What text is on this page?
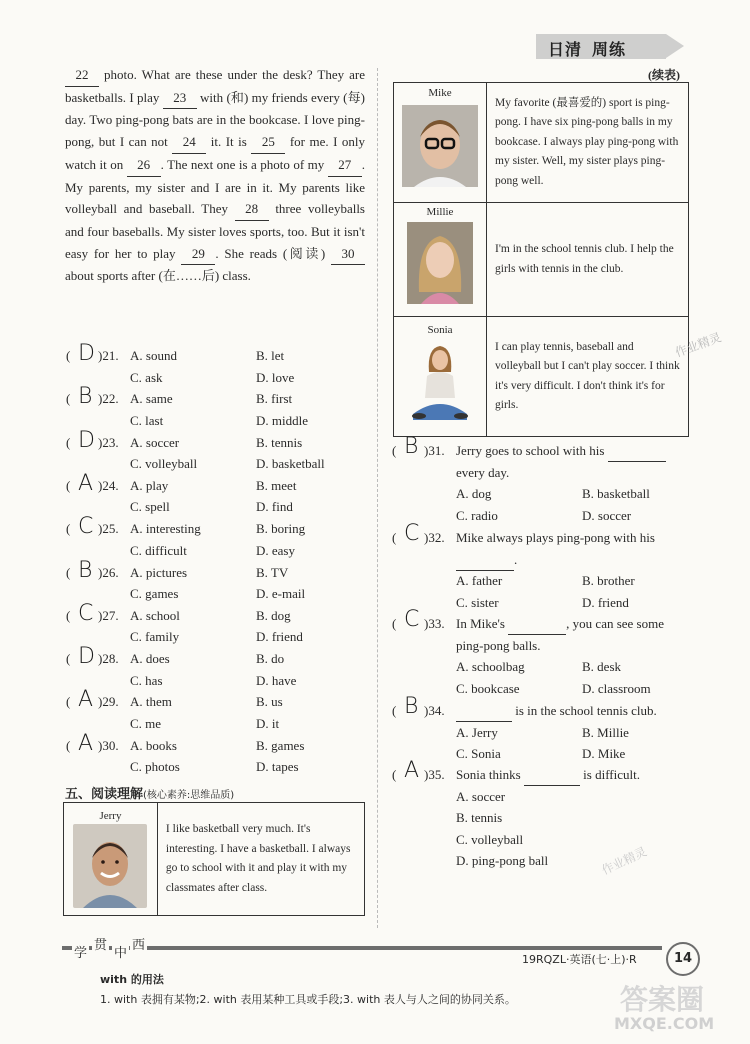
日清  周练
(续表)
22 photo. What are these under the desk? They are basketballs. I play 23 with (和) my friends every (每) day. Two ping-pong bats are in the bookcase. I love ping-pong, but I can not 24 it. It is 25 for me. I only watch it on 26 . The next one is a photo of my 27 . My parents, my sister and I are in it. My parents like volleyball and baseball. They 28 three volleyballs and four baseballs. My sister loves sports, too. But it isn't easy for her to play 29 . She reads (阅读) 30 about sports after (在……后) class.
( D )21. A. sound	B. let
C. ask	D. love
( B )22. A. same	B. first
C. last	D. middle
( D )23. A. soccer	B. tennis
C. volleyball	D. basketball
( A )24. A. play	B. meet
C. spell	D. find
( C )25. A. interesting	B. boring
C. difficult	D. easy
( B )26. A. pictures	B. TV
C. games	D. e-mail
( C )27. A. school	B. dog
C. family	D. friend
( D )28. A. does	B. do
C. has	D. have
( A )29. A. them	B. us
C. me	D. it
( A )30. A. books	B. games
C. photos	D. tapes
五、阅读理解(核心素养:思维品质)
Jerry
	I like basketball very much. It's interesting. I have a basketball. I always go to school with it and play it with my classmates after class.
Mike	My favorite (最喜爱的) sport is ping-pong. I have six ping-pong balls in my bookcase. I always play ping-pong with my sister. Well, my sister plays ping-pong well.

Millie	I'm in the school tennis club. I help the girls with tennis in the club.

Sonia	I can play tennis, baseball and volleyball but I can't play soccer. I think it's very difficult. I don't think it's for girls.
( B )31. Jerry goes to school with his
every day.
A. dog	B. basketball
C. radio	D. soccer
( C )32. Mike always plays ping-pong with his
.
A. father	B. brother
C. sister	D. friend
( C )33. In Mike's	, you can see some
ping-pong balls.
A. schoolbag	B. desk
C. bookcase	D. classroom
( B )34.	is in the school tennis club.
A. Jerry	B. Millie
C. Sonia	D. Mike
( A )35. Sonia thinks	is difficult.
A. soccer
B. tennis
C. volleyball
D. ping-pong ball
学
贯
中
西
19RQZL·英语(七·上)·R	14
with 的用法
1. with 表拥有某物;2. with 表用某种工具或手段;3. with 表人与人之间的协同关系。
作业精灵
作业精灵
答案圈
MXQE.COM
